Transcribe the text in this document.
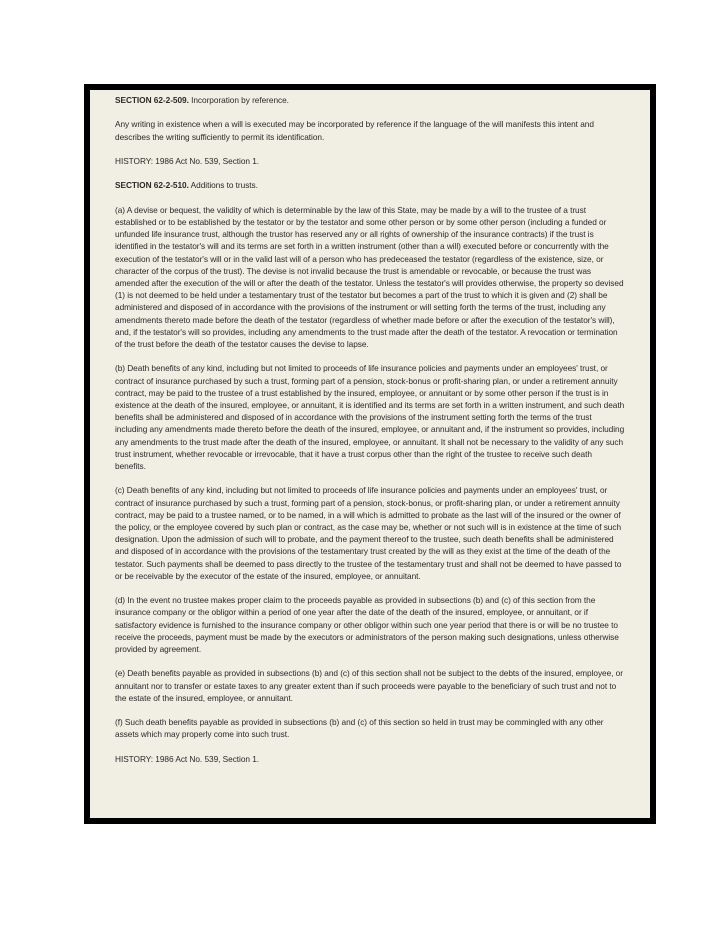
SECTION 62-2-509. Incorporation by reference.

Any writing in existence when a will is executed may be incorporated by reference if the language of the will manifests this intent and describes the writing sufficiently to permit its identification.

HISTORY: 1986 Act No. 539, Section 1.

SECTION 62-2-510. Additions to trusts.

(a) A devise or bequest, the validity of which is determinable by the law of this State, may be made by a will to the trustee of a trust established or to be established by the testator or by the testator and some other person or by some other person (including a funded or unfunded life insurance trust, although the trustor has reserved any or all rights of ownership of the insurance contracts) if the trust is identified in the testator's will and its terms are set forth in a written instrument (other than a will) executed before or concurrently with the execution of the testator's will or in the valid last will of a person who has predeceased the testator (regardless of the existence, size, or character of the corpus of the trust). The devise is not invalid because the trust is amendable or revocable, or because the trust was amended after the execution of the will or after the death of the testator. Unless the testator's will provides otherwise, the property so devised (1) is not deemed to be held under a testamentary trust of the testator but becomes a part of the trust to which it is given and (2) shall be administered and disposed of in accordance with the provisions of the instrument or will setting forth the terms of the trust, including any amendments thereto made before the death of the testator (regardless of whether made before or after the execution of the testator's will), and, if the testator's will so provides, including any amendments to the trust made after the death of the testator. A revocation or termination of the trust before the death of the testator causes the devise to lapse.

(b) Death benefits of any kind, including but not limited to proceeds of life insurance policies and payments under an employees' trust, or contract of insurance purchased by such a trust, forming part of a pension, stock-bonus or profit-sharing plan, or under a retirement annuity contract, may be paid to the trustee of a trust established by the insured, employee, or annuitant or by some other person if the trust is in existence at the death of the insured, employee, or annuitant, it is identified and its terms are set forth in a written instrument, and such death benefits shall be administered and disposed of in accordance with the provisions of the instrument setting forth the terms of the trust including any amendments made thereto before the death of the insured, employee, or annuitant and, if the instrument so provides, including any amendments to the trust made after the death of the insured, employee, or annuitant. It shall not be necessary to the validity of any such trust instrument, whether revocable or irrevocable, that it have a trust corpus other than the right of the trustee to receive such death benefits.

(c) Death benefits of any kind, including but not limited to proceeds of life insurance policies and payments under an employees' trust, or contract of insurance purchased by such a trust, forming part of a pension, stock-bonus, or profit-sharing plan, or under a retirement annuity contract, may be paid to a trustee named, or to be named, in a will which is admitted to probate as the last will of the insured or the owner of the policy, or the employee covered by such plan or contract, as the case may be, whether or not such will is in existence at the time of such designation. Upon the admission of such will to probate, and the payment thereof to the trustee, such death benefits shall be administered and disposed of in accordance with the provisions of the testamentary trust created by the will as they exist at the time of the death of the testator. Such payments shall be deemed to pass directly to the trustee of the testamentary trust and shall not be deemed to have passed to or be receivable by the executor of the estate of the insured, employee, or annuitant.

(d) In the event no trustee makes proper claim to the proceeds payable as provided in subsections (b) and (c) of this section from the insurance company or the obligor within a period of one year after the date of the death of the insured, employee, or annuitant, or if satisfactory evidence is furnished to the insurance company or other obligor within such one year period that there is or will be no trustee to receive the proceeds, payment must be made by the executors or administrators of the person making such designations, unless otherwise provided by agreement.

(e) Death benefits payable as provided in subsections (b) and (c) of this section shall not be subject to the debts of the insured, employee, or annuitant nor to transfer or estate taxes to any greater extent than if such proceeds were payable to the beneficiary of such trust and not to the estate of the insured, employee, or annuitant.

(f) Such death benefits payable as provided in subsections (b) and (c) of this section so held in trust may be commingled with any other assets which may properly come into such trust.

HISTORY: 1986 Act No. 539, Section 1.
